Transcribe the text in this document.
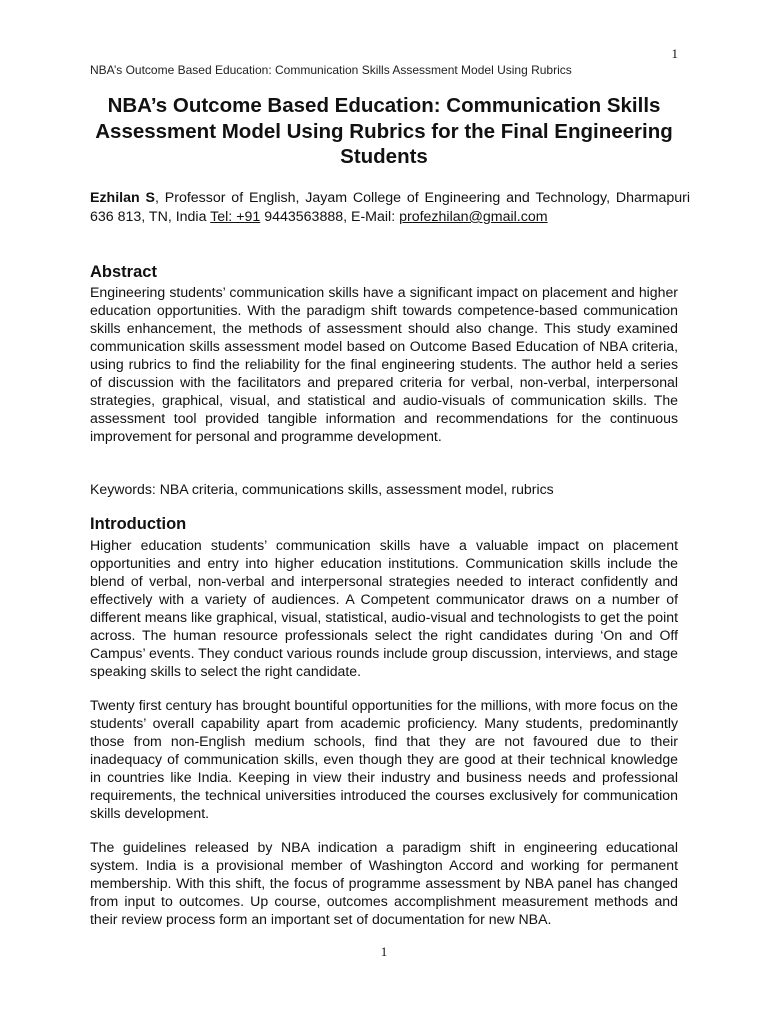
1
NBA’s Outcome Based Education: Communication Skills Assessment Model Using Rubrics
NBA’s Outcome Based Education: Communication Skills Assessment Model Using Rubrics for the Final Engineering Students

Ezhilan S, Professor of English, Jayam College of Engineering and Technology, Dharmapuri 636 813, TN, India Tel: +91 9443563888, E-Mail: profezhilan@gmail.com

Abstract

Engineering students’ communication skills have a significant impact on placement and higher education opportunities. With the paradigm shift towards competence-based communication skills enhancement, the methods of assessment should also change. This study examined communication skills assessment model based on Outcome Based Education of NBA criteria, using rubrics to find the reliability for the final engineering students. The author held a series of discussion with the facilitators and prepared criteria for verbal, non-verbal, interpersonal strategies, graphical, visual, and statistical and audio-visuals of communication skills. The assessment tool provided tangible information and recommendations for the continuous improvement for personal and programme development.

Keywords: NBA criteria, communications skills, assessment model, rubrics

Introduction

Higher education students’ communication skills have a valuable impact on placement opportunities and entry into higher education institutions. Communication skills include the blend of verbal, non-verbal and interpersonal strategies needed to interact confidently and effectively with a variety of audiences. A Competent communicator draws on a number of different means like graphical, visual, statistical, audio-visual and technologists to get the point across. The human resource professionals select the right candidates during ‘On and Off Campus’ events. They conduct various rounds include group discussion, interviews, and stage speaking skills to select the right candidate.

Twenty first century has brought bountiful opportunities for the millions, with more focus on the students’ overall capability apart from academic proficiency. Many students, predominantly those from non-English medium schools, find that they are not favoured due to their inadequacy of communication skills, even though they are good at their technical knowledge in countries like India. Keeping in view their industry and business needs and professional requirements, the technical universities introduced the courses exclusively for communication skills development.

The guidelines released by NBA indication a paradigm shift in engineering educational system. India is a provisional member of Washington Accord and working for permanent membership. With this shift, the focus of programme assessment by NBA panel has changed from input to outcomes. Up course, outcomes accomplishment measurement methods and their review process form an important set of documentation for new NBA.

1
